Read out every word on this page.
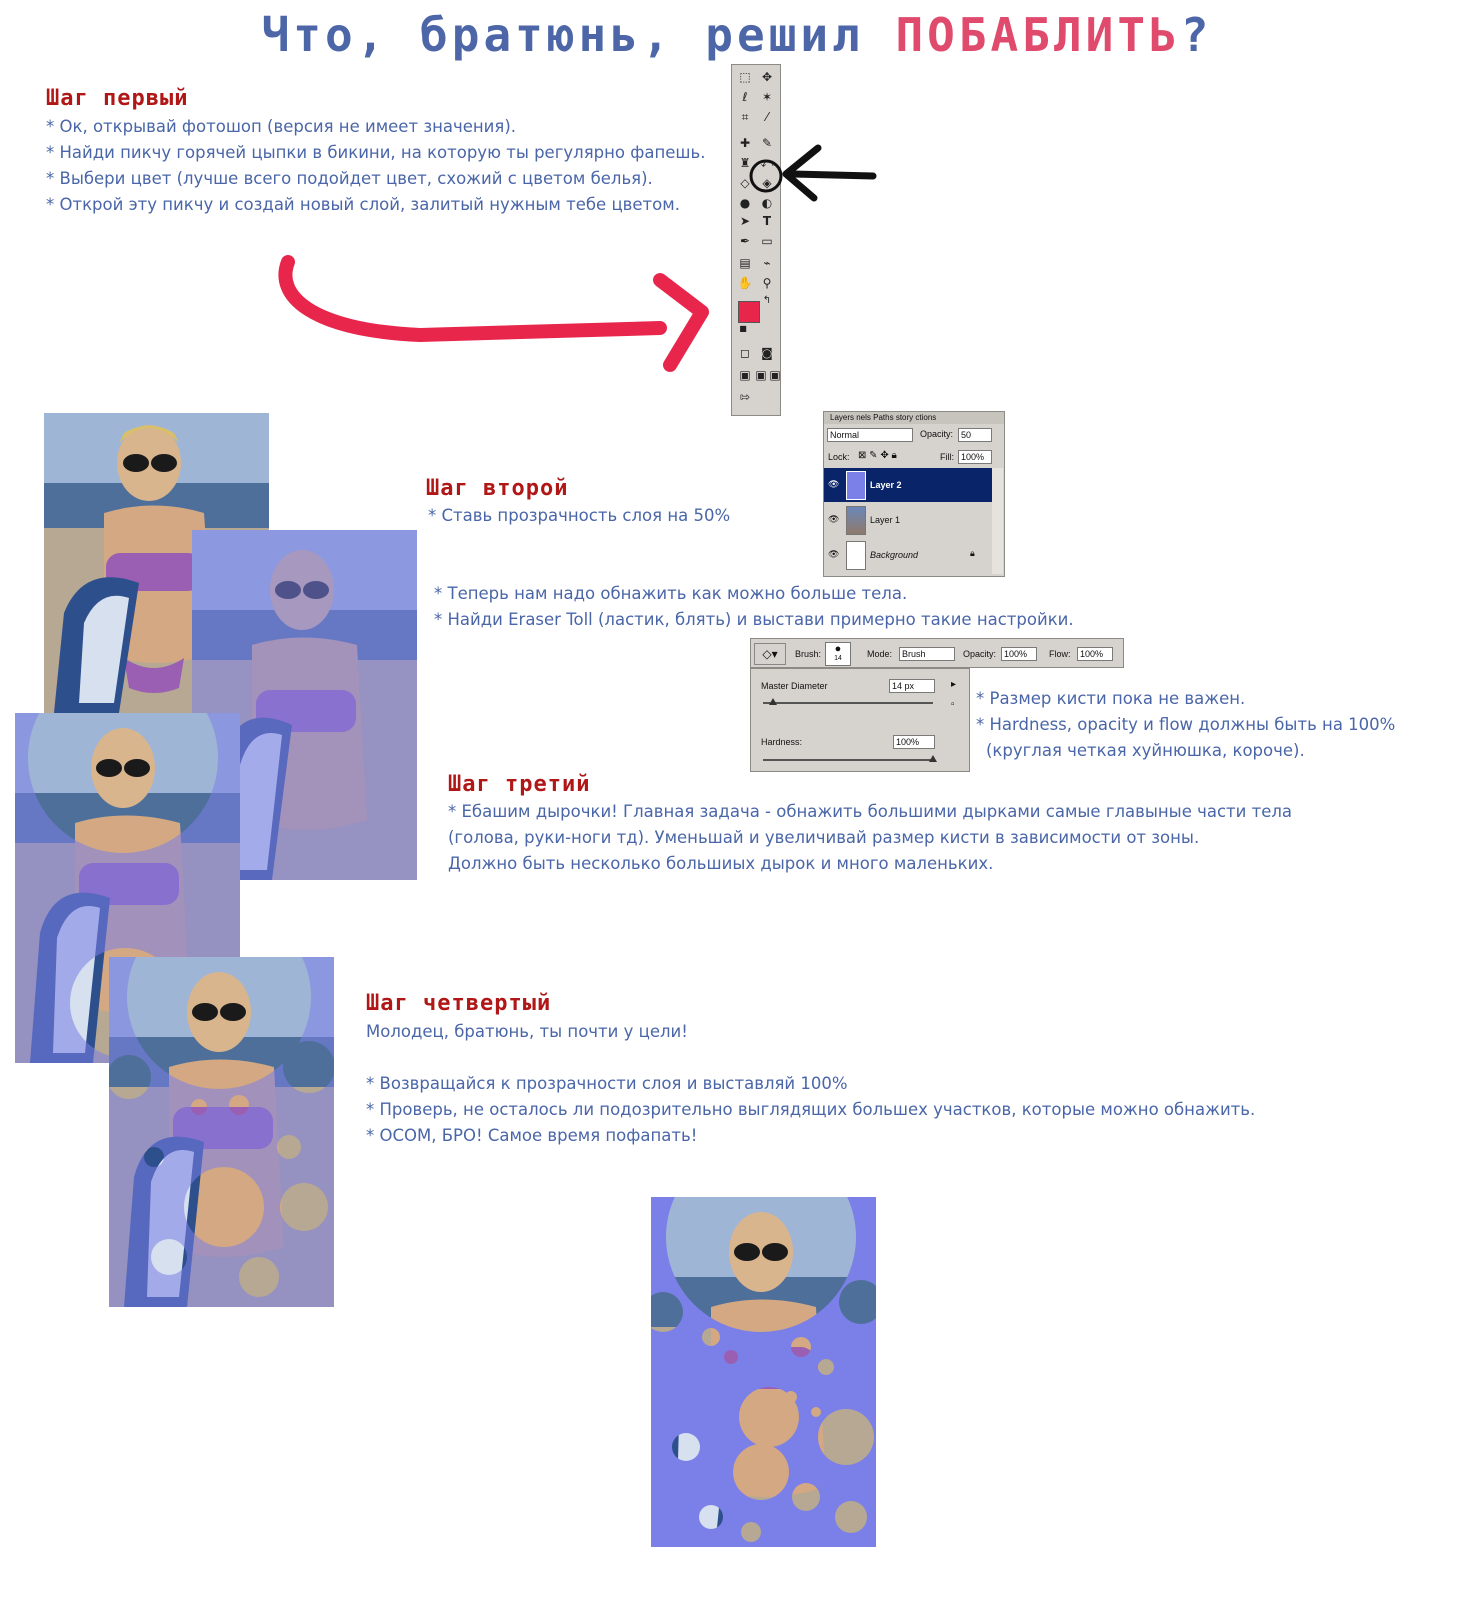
Что, братюнь, решил ПОБАБЛИТЬ?
Шаг первый
* Ок, открывай фотошоп (версия не имеет значения).
* Найди пикчу горячей цыпки в бикини, на которую ты регулярно фапешь.
* Выбери цвет (лучше всего подойдет цвет, схожий с цветом белья).
* Открой эту пикчу и создай новый слой, залитый нужным тебе цветом.
⬚ ✥
ℓ	✶
⌗	⁄
✚ ✎
♜ ⤺
◇	◈
● ◐
➤	T
✒ ▭
▤	⌁
✋ ⚲
↰
■
◻ ◙
▣ ▣ ▣
⇰
Layers nels Paths story ctions
Normal	Opacity: 50
Lock: ⊠ ✎ ✥ 🔒︎	Fill: 100%
👁︎	Layer 2
👁︎	Layer 1
👁︎	Background	🔒︎
◇▾	Brush:	●
14	Mode:	Brush	Opacity: 100%	Flow:	100%
Master Diameter	14 px	▸
▫
Hardness:	100%
Шаг второй
* Ставь прозрачность слоя на 50%
* Теперь нам надо обнажить как можно больше тела.
* Найди Eraser Toll (ластик, блять) и выстави примерно такие настройки.
* Размер кисти пока не важен.
* Hardness, opacity и flow должны быть на 100%
(круглая четкая хуйнюшка, короче).
Шаг третий
* Ебашим дырочки! Главная задача - обнажить большими дырками самые главыные части тела
(голова, руки-ноги тд). Уменьшай и увеличивай размер кисти в зависимости от зоны.
Должно быть несколько большиых дырок и много маленьких.
Шаг четвертый
Молодец, братюнь, ты почти у цели!
* Возвращайся к прозрачности слоя и выставляй 100%
* Проверь, не осталось ли подозрительно выглядящих большех участков, которые можно обнажить.
* ОСОМ, БРО! Самое время пофапать!
